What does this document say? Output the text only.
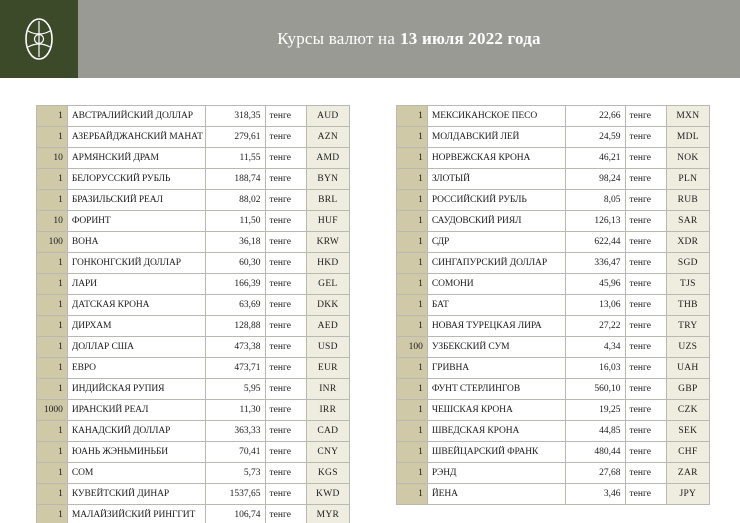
Курсы валют на 13 июля 2022 года
1	АВСТРАЛИЙСКИЙ ДОЛЛАР	318,35	тенге	AUD
1	АЗЕРБАЙДЖАНСКИЙ МАНАТ	279,61	тенге	AZN
10	АРМЯНСКИЙ ДРАМ	11,55	тенге	AMD
1	БЕЛОРУССКИЙ РУБЛЬ	188,74	тенге	BYN
1	БРАЗИЛЬСКИЙ РЕАЛ	88,02	тенге	BRL
10	ФОРИНТ	11,50	тенге	HUF
100	ВОНА	36,18	тенге	KRW
1	ГОНКОНГСКИЙ ДОЛЛАР	60,30	тенге	HKD
1	ЛАРИ	166,39	тенге	GEL
1	ДАТСКАЯ КРОНА	63,69	тенге	DKK
1	ДИРХАМ	128,88	тенге	AED
1	ДОЛЛАР США	473,38	тенге	USD
1	ЕВРО	473,71	тенге	EUR
1	ИНДИЙСКАЯ РУПИЯ	5,95	тенге	INR
1000	ИРАНСКИЙ РЕАЛ	11,30	тенге	IRR
1	КАНАДСКИЙ ДОЛЛАР	363,33	тенге	CAD
1	ЮАНЬ ЖЭНЬМИНЬБИ	70,41	тенге	CNY
1	СОМ	5,73	тенге	KGS
1	КУВЕЙТСКИЙ ДИНАР	1537,65	тенге	KWD
1	МАЛАЙЗИЙСКИЙ РИНГГИТ	106,74	тенге	MYR
1	МЕКСИКАНСКОЕ ПЕСО	22,66	тенге	MXN
1	МОЛДАВСКИЙ ЛЕЙ	24,59	тенге	MDL
1	НОРВЕЖСКАЯ КРОНА	46,21	тенге	NOK
1	ЗЛОТЫЙ	98,24	тенге	PLN
1	РОССИЙСКИЙ РУБЛЬ	8,05	тенге	RUB
1	САУДОВСКИЙ РИЯЛ	126,13	тенге	SAR
1	СДР	622,44	тенге	XDR
1	СИНГАПУРСКИЙ ДОЛЛАР	336,47	тенге	SGD
1	СОМОНИ	45,96	тенге	TJS
1	БАТ	13,06	тенге	THB
1	НОВАЯ ТУРЕЦКАЯ ЛИРА	27,22	тенге	TRY
100	УЗБЕКСКИЙ СУМ	4,34	тенге	UZS
1	ГРИВНА	16,03	тенге	UAH
1	ФУНТ СТЕРЛИНГОВ	560,10	тенге	GBP
1	ЧЕШСКАЯ КРОНА	19,25	тенге	CZK
1	ШВЕДСКАЯ КРОНА	44,85	тенге	SEK
1	ШВЕЙЦАРСКИЙ ФРАНК	480,44	тенге	CHF
1	РЭНД	27,68	тенге	ZAR
1	ЙЕНА	3,46	тенге	JPY
